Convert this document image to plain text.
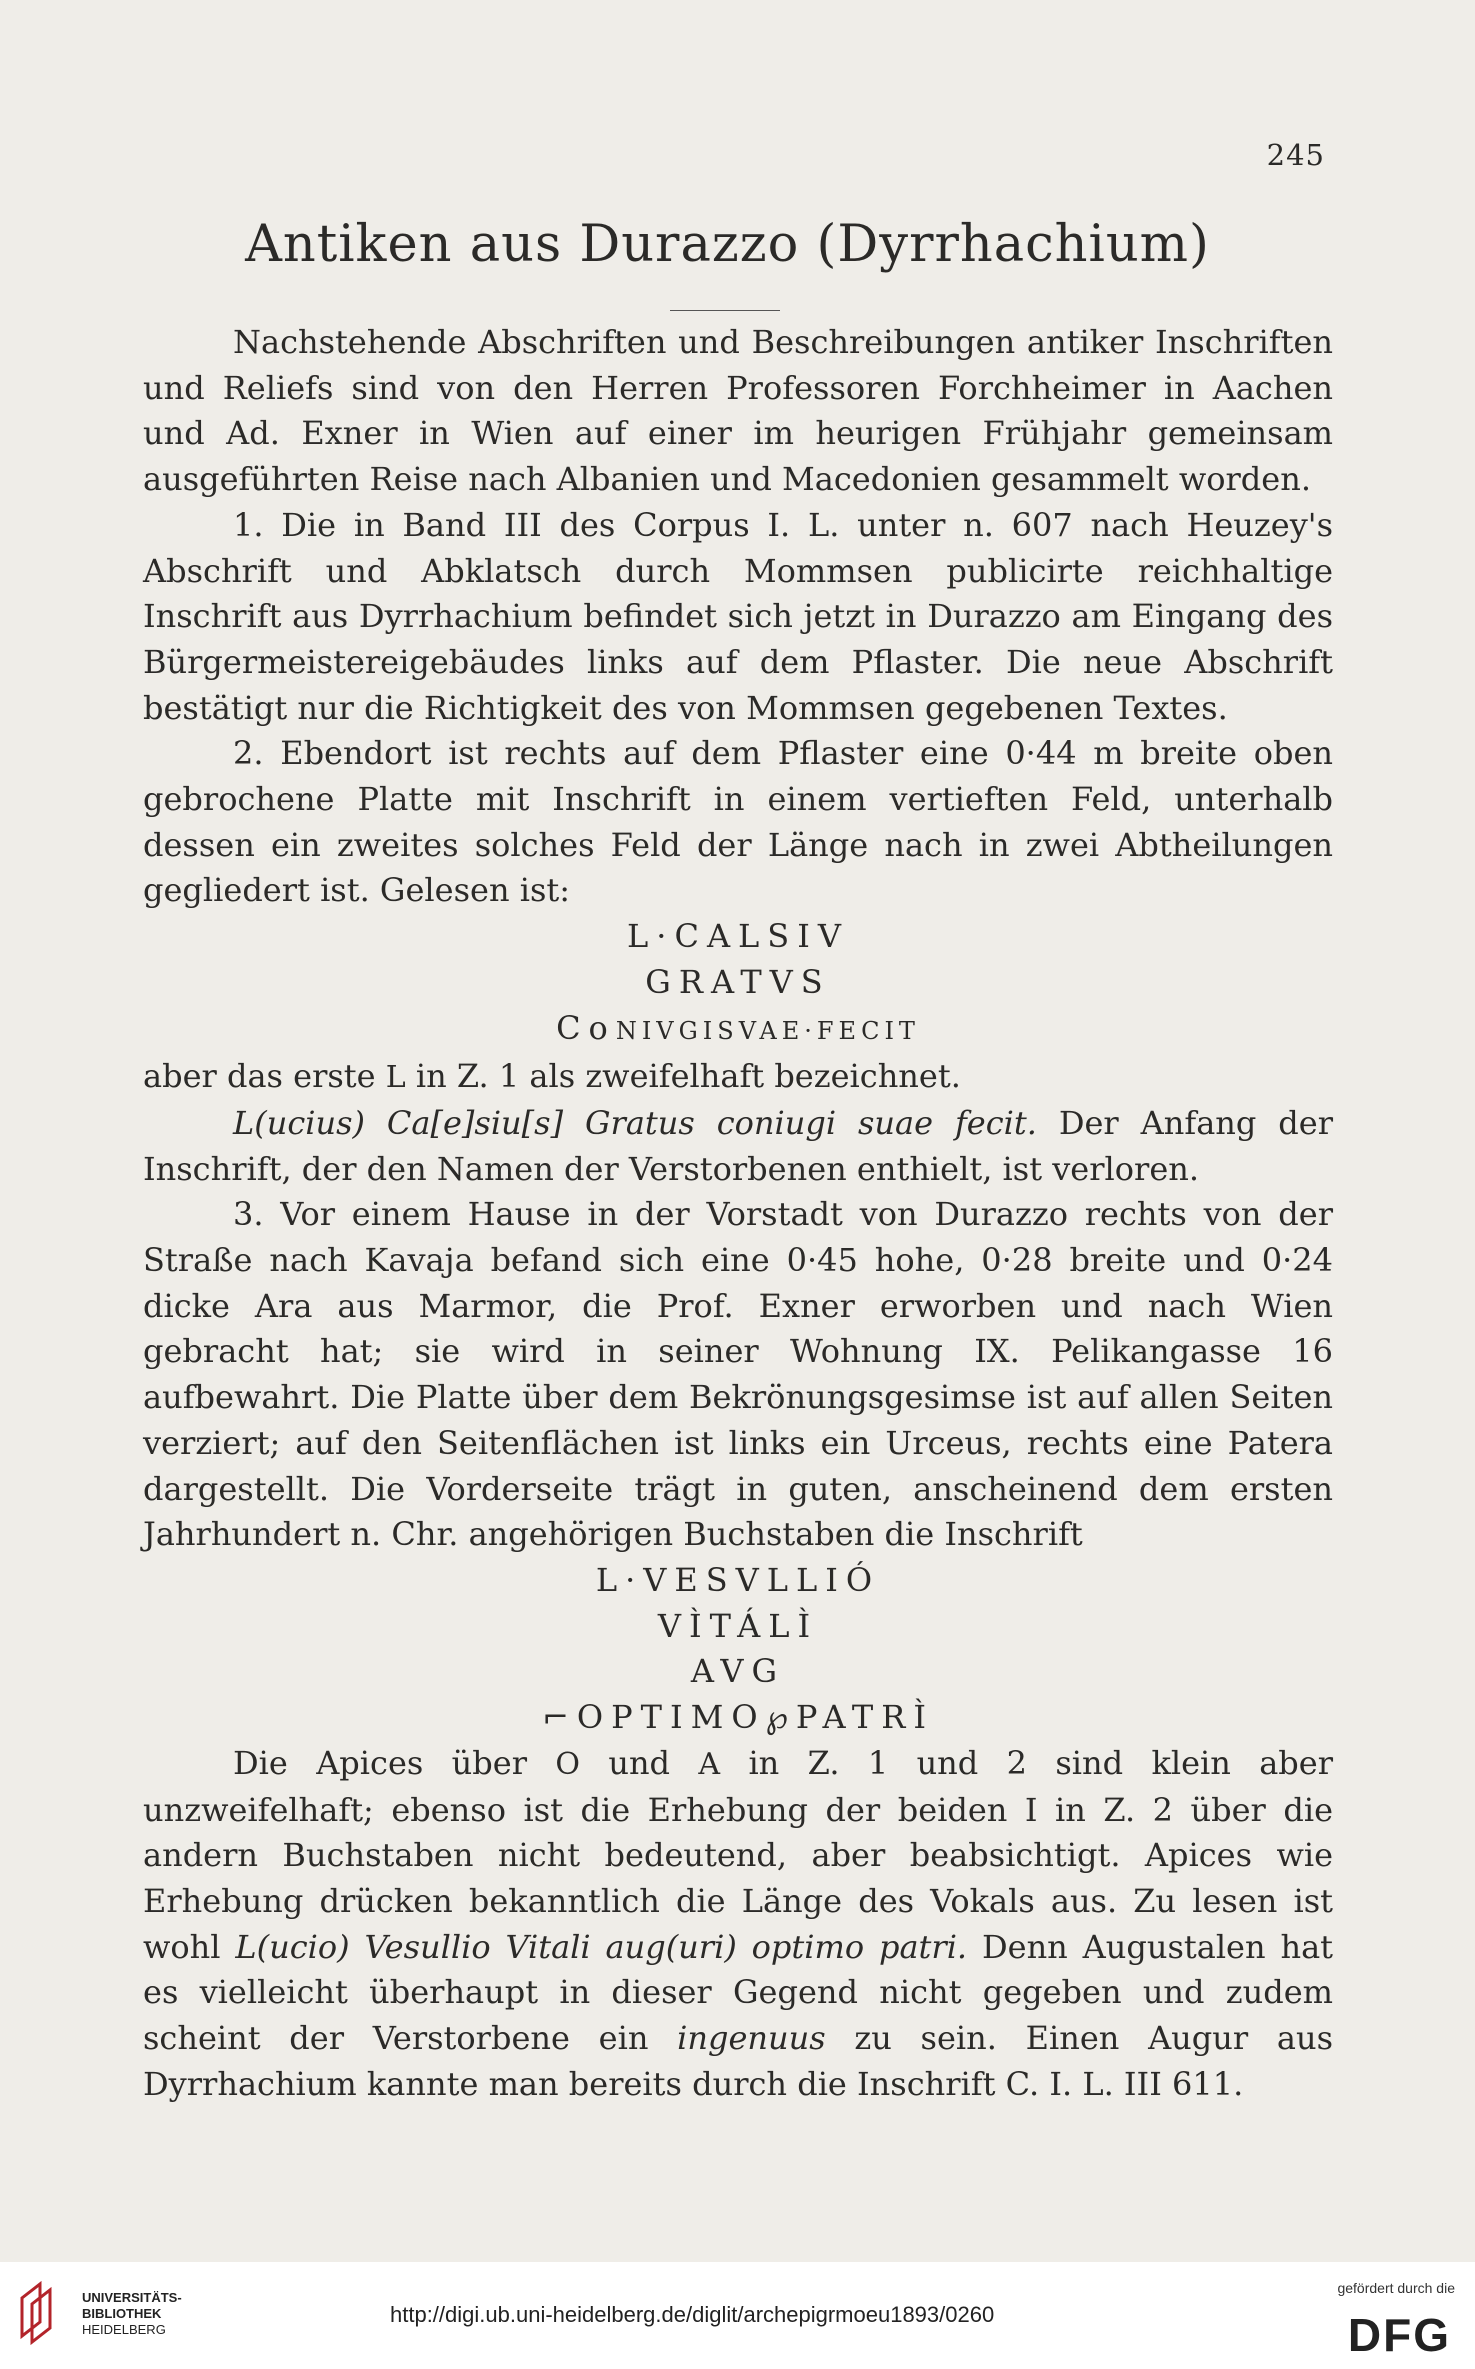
245
Antiken aus Durazzo (Dyrrhachium)

Nachstehende Abschriften und Beschreibungen antiker Inschriften und Reliefs sind von den Herren Professoren Forchheimer in Aachen und Ad. Exner in Wien auf einer im heurigen Frühjahr gemeinsam ausgeführten Reise nach Albanien und Macedonien gesammelt worden.

1. Die in Band III des Corpus I. L. unter n. 607 nach Heuzey's Abschrift und Abklatsch durch Mommsen publicirte reichhaltige Inschrift aus Dyrrhachium befindet sich jetzt in Durazzo am Eingang des Bürgermeistereigebäudes links auf dem Pflaster. Die neue Abschrift bestätigt nur die Richtigkeit des von Mommsen gegebenen Textes.

2. Ebendort ist rechts auf dem Pflaster eine 0·44 m breite oben gebrochene Platte mit Inschrift in einem vertieften Feld, unterhalb dessen ein zweites solches Feld der Länge nach in zwei Abtheilungen gegliedert ist. Gelesen ist:

L·CALSIV
GRATVS
CoNIVGISVAE·FECIT

aber das erste L in Z. 1 als zweifelhaft bezeichnet.

L(ucius) Ca[e]siu[s] Gratus coniugi suae fecit. Der Anfang der Inschrift, der den Namen der Verstorbenen enthielt, ist verloren.

3. Vor einem Hause in der Vorstadt von Durazzo rechts von der Straße nach Kavaja befand sich eine 0·45 hohe, 0·28 breite und 0·24 dicke Ara aus Marmor, die Prof. Exner erworben und nach Wien gebracht hat; sie wird in seiner Wohnung IX. Pelikangasse 16 aufbewahrt. Die Platte über dem Bekrönungsgesimse ist auf allen Seiten verziert; auf den Seitenflächen ist links ein Urceus, rechts eine Patera dargestellt. Die Vorderseite trägt in guten, anscheinend dem ersten Jahrhundert n. Chr. angehörigen Buchstaben die Inschrift

L·VESVLLIÓ
VÌTÁLÌ
AVG
⌐OPTIMO℘PATRÌ

Die Apices über O und A in Z. 1 und 2 sind klein aber unzweifelhaft; ebenso ist die Erhebung der beiden I in Z. 2 über die andern Buchstaben nicht bedeutend, aber beabsichtigt. Apices wie Erhebung drücken bekanntlich die Länge des Vokals aus. Zu lesen ist wohl L(ucio) Vesullio Vitali aug(uri) optimo patri. Denn Augustalen hat es vielleicht überhaupt in dieser Gegend nicht gegeben und zudem scheint der Verstorbene ein ingenuus zu sein. Einen Augur aus Dyrrhachium kannte man bereits durch die Inschrift C. I. L. III 611.

UNIVERSITÄTS-
BIBLIOTHEK
HEIDELBERG
http://digi.ub.uni-heidelberg.de/diglit/archepigrmoeu1893/0260
gefördert durch die
DFG
